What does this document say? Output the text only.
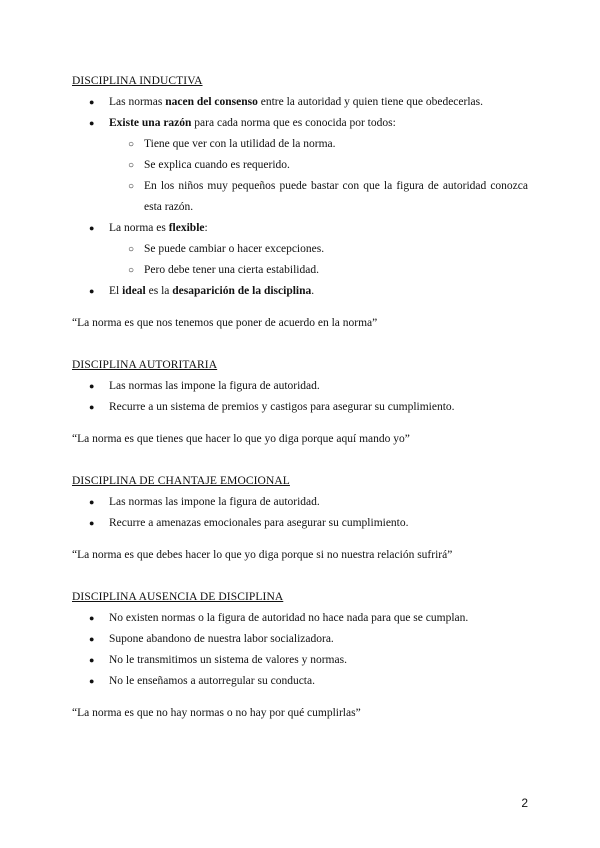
DISCIPLINA INDUCTIVA

● Las normas nacen del consenso entre la autoridad y quien tiene que obedecerlas.
● Existe una razón para cada norma que es conocida por todos:
○ Tiene que ver con la utilidad de la norma.
○ Se explica cuando es requerido.
○ En los niños muy pequeños puede bastar con que la figura de autoridad conozca esta razón.
● La norma es flexible:
○ Se puede cambiar o hacer excepciones.
○ Pero debe tener una cierta estabilidad.
● El ideal es la desaparición de la disciplina.

“La norma es que nos tenemos que poner de acuerdo en la norma”

DISCIPLINA AUTORITARIA

● Las normas las impone la figura de autoridad.
● Recurre a un sistema de premios y castigos para asegurar su cumplimiento.

“La norma es que tienes que hacer lo que yo diga porque aquí mando yo”

DISCIPLINA DE CHANTAJE EMOCIONAL

● Las normas las impone la figura de autoridad.
● Recurre a amenazas emocionales para asegurar su cumplimiento.

“La norma es que debes hacer lo que yo diga porque si no nuestra relación sufrirá”

DISCIPLINA AUSENCIA DE DISCIPLINA

● No existen normas o la figura de autoridad no hace nada para que se cumplan.
● Supone abandono de nuestra labor socializadora.
● No le transmitimos un sistema de valores y normas.
● No le enseñamos a autorregular su conducta.

“La norma es que no hay normas o no hay por qué cumplirlas”

2
